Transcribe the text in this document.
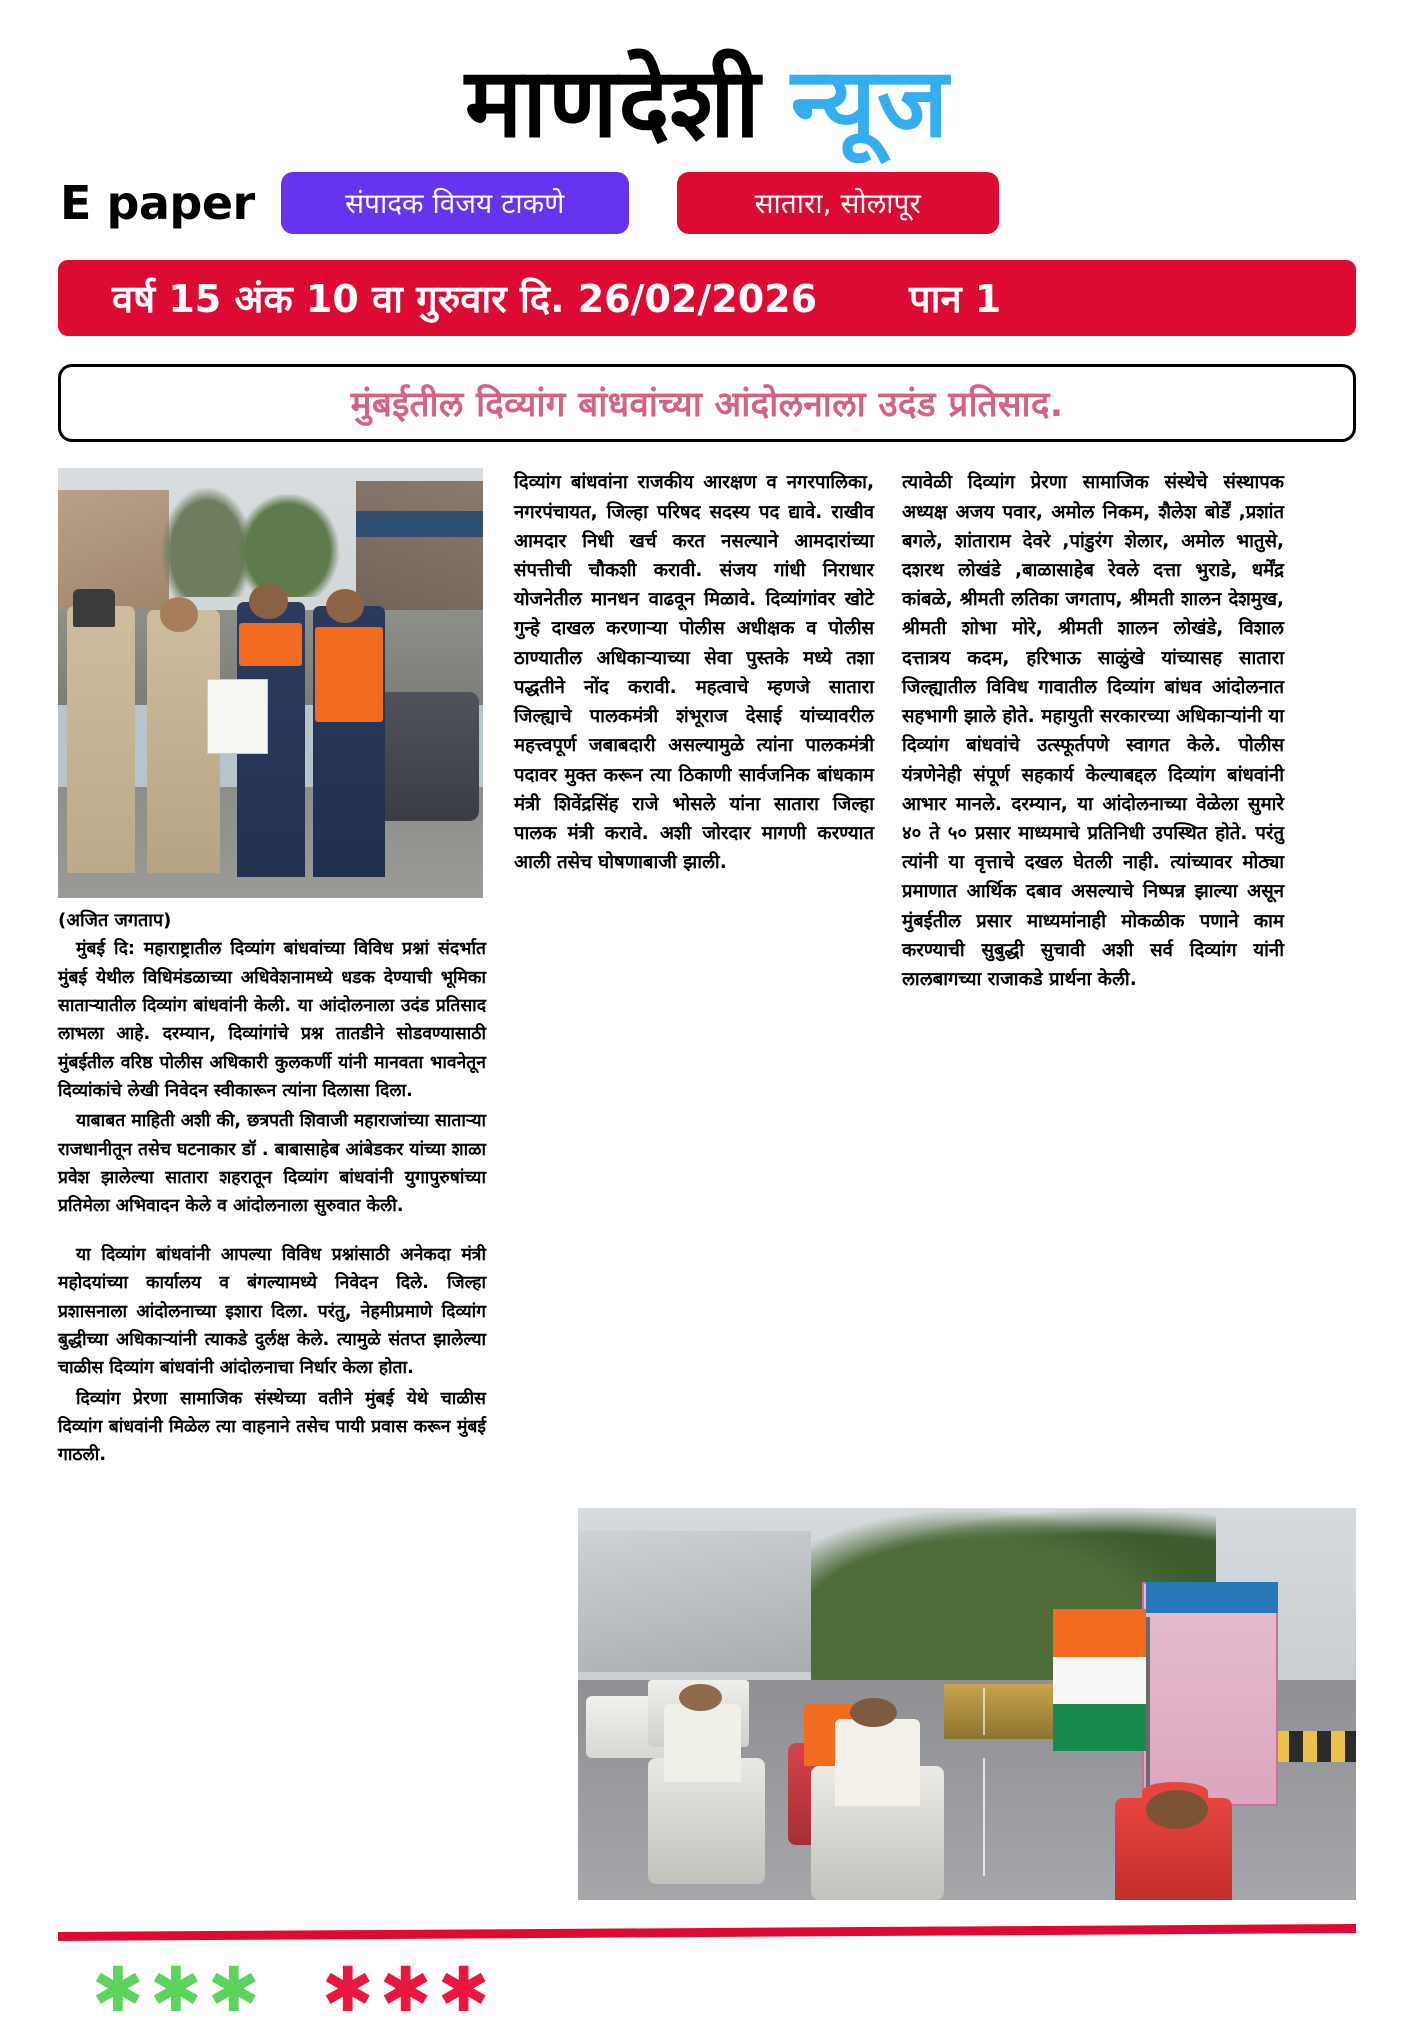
माणदेशी न्यूज
E paper	संपादक विजय टाकणे	सातारा, सोलापूर
वर्ष 15 अंक 10 वा गुरुवार दि. 26/02/2026 पान 1
मुंबईतील दिव्यांग बांधवांच्या आंदोलनाला उदंड प्रतिसाद.
(अजित जगताप)

मुंबई दि: महाराष्ट्रातील दिव्यांग बांधवांच्या विविध प्रश्नां संदर्भात मुंबई येथील विधिमंडळाच्या अधिवेशनामध्ये धडक देण्याची भूमिका साताऱ्यातील दिव्यांग बांधवांनी केली. या आंदोलनाला उदंड प्रतिसाद लाभला आहे. दरम्यान, दिव्यांगांचे प्रश्न तातडीने सोडवण्यासाठी मुंबईतील वरिष्ठ पोलीस अधिकारी कुलकर्णी यांनी मानवता भावनेतून दिव्यांकांचे लेखी निवेदन स्वीकारून त्यांना दिलासा दिला.

याबाबत माहिती अशी की, छत्रपती शिवाजी महाराजांच्या साताऱ्या राजधानीतून तसेच घटनाकार डॉ . बाबासाहेब आंबेडकर यांच्या शाळा प्रवेश झालेल्या सातारा शहरातून दिव्यांग बांधवांनी युगापुरुषांच्या प्रतिमेला अभिवादन केले व आंदोलनाला सुरुवात केली.

या दिव्यांग बांधवांनी आपल्या विविध प्रश्नांसाठी अनेकदा मंत्री महोदयांच्या कार्यालय व बंगल्यामध्ये निवेदन दिले. जिल्हा प्रशासनाला आंदोलनाच्या इशारा दिला. परंतु, नेहमीप्रमाणे दिव्यांग बुद्धीच्या अधिकाऱ्यांनी त्याकडे दुर्लक्ष केले. त्यामुळे संतप्त झालेल्या चाळीस दिव्यांग बांधवांनी आंदोलनाचा निर्धार केला होता.

दिव्यांग प्रेरणा सामाजिक संस्थेच्या वतीने मुंबई येथे चाळीस दिव्यांग बांधवांनी मिळेल त्या वाहनाने तसेच पायी प्रवास करून मुंबई गाठली.

दिव्यांग बांधवांना राजकीय आरक्षण व नगरपालिका, नगरपंचायत, जिल्हा परिषद सदस्य पद द्यावे. राखीव आमदार निधी खर्च करत नसल्याने आमदारांच्या संपत्तीची चौकशी करावी. संजय गांधी निराधार योजनेतील मानधन वाढवून मिळावे. दिव्यांगांवर खोटे गुन्हे दाखल करणाऱ्या पोलीस अधीक्षक व पोलीस ठाण्यातील अधिकाऱ्याच्या सेवा पुस्तके मध्ये तशा पद्धतीने नोंद करावी. महत्वाचे म्हणजे सातारा जिल्ह्याचे पालकमंत्री शंभूराज देसाई यांच्यावरील महत्त्वपूर्ण जबाबदारी असल्यामुळे त्यांना पालकमंत्री पदावर मुक्त करून त्या ठिकाणी सार्वजनिक बांधकाम मंत्री शिवेंद्रसिंह राजे भोसले यांना सातारा जिल्हा पालक मंत्री करावे. अशी जोरदार मागणी करण्यात आली तसेच घोषणाबाजी झाली.

त्यावेळी दिव्यांग प्रेरणा सामाजिक संस्थेचे संस्थापक अध्यक्ष अजय पवार, अमोल निकम, शैलेश बोर्डें ,प्रशांत बगले, शांताराम देवरे ,पांडुरंग शेलार, अमोल भातुसे, दशरथ लोखंडे ,बाळासाहेब रेवले दत्ता भुराडे, धर्मेंद्र कांबळे, श्रीमती लतिका जगताप, श्रीमती शालन देशमुख, श्रीमती शोभा मोरे, श्रीमती शालन लोखंडे, विशाल दत्तात्रय कदम, हरिभाऊ साळुंखे यांच्यासह सातारा जिल्ह्यातील विविध गावातील दिव्यांग बांधव आंदोलनात सहभागी झाले होते. महायुती सरकारच्या अधिकाऱ्यांनी या दिव्यांग बांधवांचे उत्स्फूर्तपणे स्वागत केले. पोलीस यंत्रणेनेही संपूर्ण सहकार्य केल्याबद्दल दिव्यांग बांधवांनी आभार मानले. दरम्यान, या आंदोलनाच्या वेळेला सुमारे ४० ते ५० प्रसार माध्यमाचे प्रतिनिधी उपस्थित होते. परंतु त्यांनी या वृत्ताचे दखल घेतली नाही. त्यांच्यावर मोठ्या प्रमाणात आर्थिक दबाव असल्याचे निष्पन्न झाल्या असून मुंबईतील प्रसार माध्यमांनाही मोकळीक पणाने काम करण्याची सुबुद्धी सुचावी अशी सर्व दिव्यांग यांनी लालबागच्या राजाकडे प्रार्थना केली.

✱✱✱ ✱✱✱
